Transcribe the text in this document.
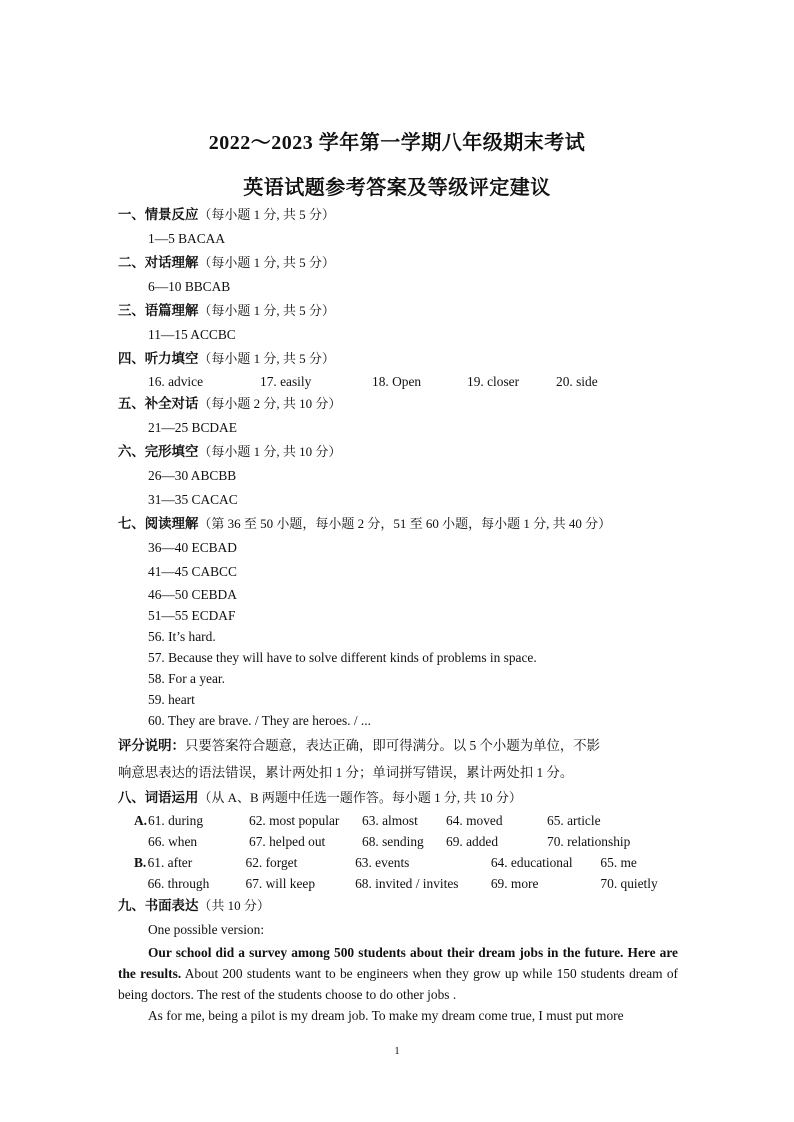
2022～2023 学年第一学期八年级期末考试
英语试题参考答案及等级评定建议
一、情景反应（每小题 1 分, 共 5 分）
1—5 BACAA
二、对话理解（每小题 1 分, 共 5 分）
6—10 BBCAB
三、语篇理解（每小题 1 分, 共 5 分）
11—15 ACCBC
四、听力填空（每小题 1 分, 共 5 分）
16. advice	17. easily	18. Open	19. closer	20. side
五、补全对话（每小题 2 分, 共 10 分）
21—25 BCDAE
六、完形填空（每小题 1 分, 共 10 分）
26—30 ABCBB
31—35 CACAC
七、阅读理解（第 36 至 50 小题，每小题 2 分，51 至 60 小题，每小题 1 分, 共 40 分）
36—40 ECBAD
41—45 CABCC
46—50 CEBDA
51—55 ECDAF
56. It’s hard.
57. Because they will have to solve different kinds of problems in space.
58. For a year.
59. heart
60. They are brave. / They are heroes. / ...
评分说明：只要答案符合题意，表达正确，即可得满分。以 5 个小题为单位，不影
响意思表达的语法错误，累计两处扣 1 分；单词拼写错误，累计两处扣 1 分。
八、词语运用（从 A、B 两题中任选一题作答。每小题 1 分, 共 10 分）
A. 61. during	62. most popular	63. almost	64. moved	65. article
66. when	67. helped out	68. sending	69. added	70. relationship
B. 61. after	62. forget	63. events	64. educational	65. me
66. through	67. will keep	68. invited / invites	69. more	70. quietly
九、书面表达（共 10 分）
One possible version:

Our school did a survey among 500 students about their dream jobs in the future. Here are the results. About 200 students want to be engineers when they grow up while 150 students dream of being doctors. The rest of the students choose to do other jobs .

As for me, being a pilot is my dream job. To make my dream come true, I must put more

1
